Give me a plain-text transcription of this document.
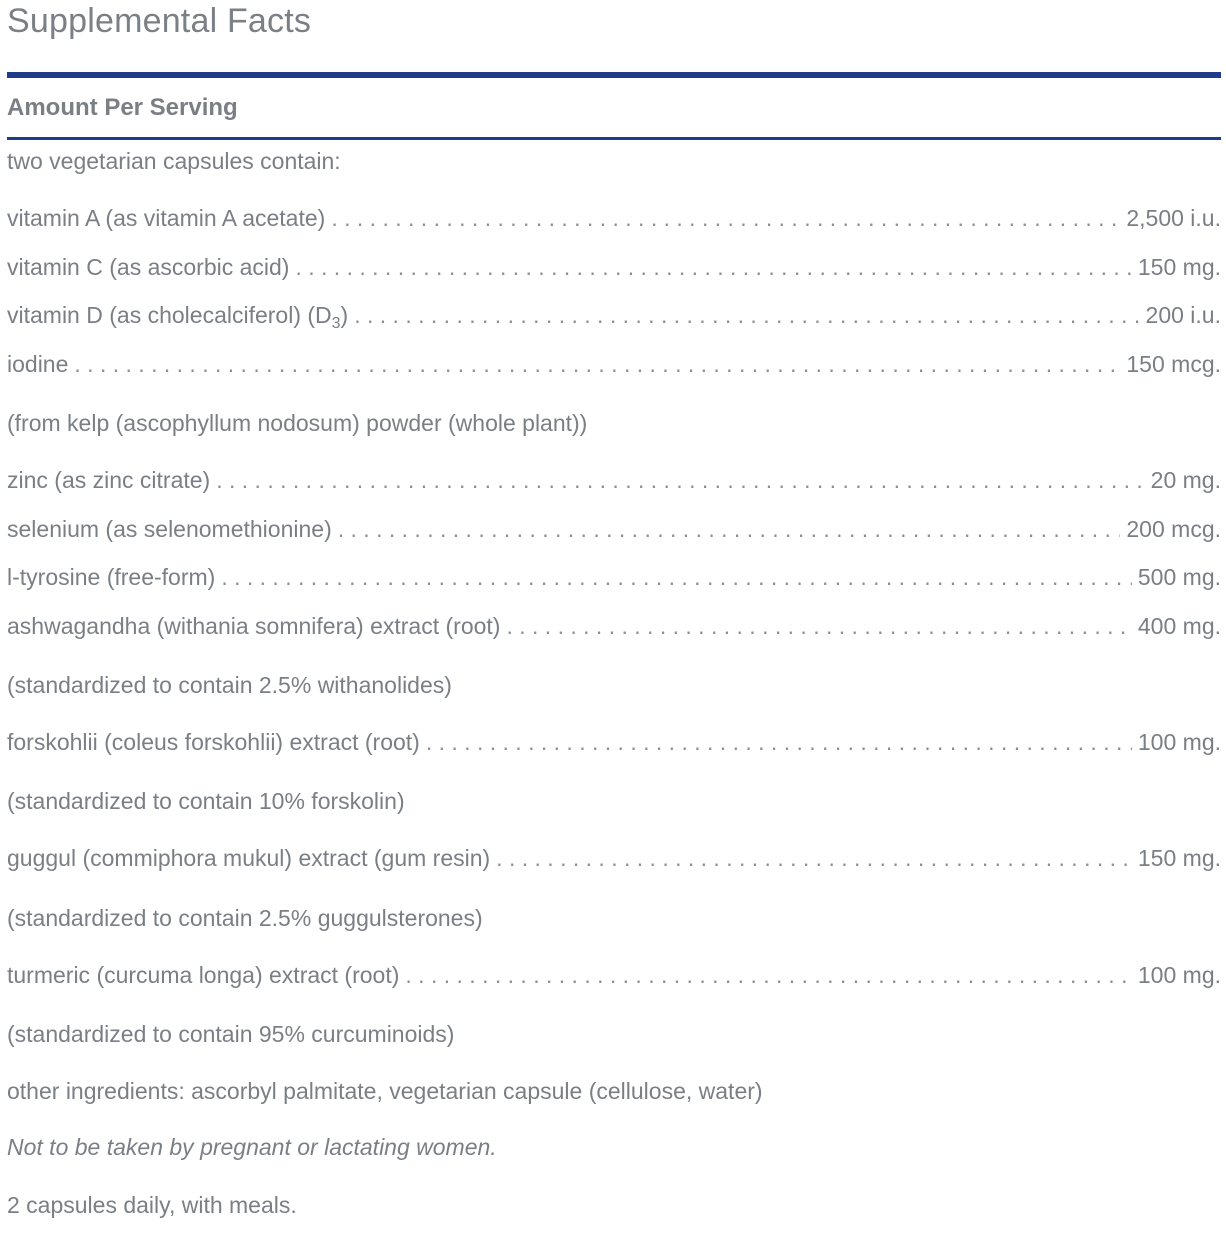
Supplemental Facts
Amount Per Serving
two vegetarian capsules contain:
vitamin A (as vitamin A acetate) . . .	2,500 i.u.
vitamin C (as ascorbic acid) . . .	150 mg.
vitamin D (as cholecalciferol) $(D_3)$ . . .	200 i.u.
iodine . . .	150 mcg.
(from kelp (ascophyllum nodosum) powder (whole plant))
zinc (as zinc citrate) . . .	20 mg.
selenium (as selenomethionine) . . .	200 mcg.
l-tyrosine (free-form) . . .	500 mg.
ashwagandha (withania somnifera) extract (root) . . .	400 mg.
(standardized to contain 2.5% withanolides)
forskohlii (coleus forskohlii) extract (root) . . .	100 mg.
(standardized to contain 10% forskolin)
guggul (commiphora mukul) extract (gum resin) . . .	150 mg.
(standardized to contain 2.5% guggulsterones)
turmeric (curcuma longa) extract (root) . . .	100 mg.
(standardized to contain 95% curcuminoids)
other ingredients: ascorbyl palmitate, vegetarian capsule (cellulose, water)
Not to be taken by pregnant or lactating women.
2 capsules daily, with meals.
